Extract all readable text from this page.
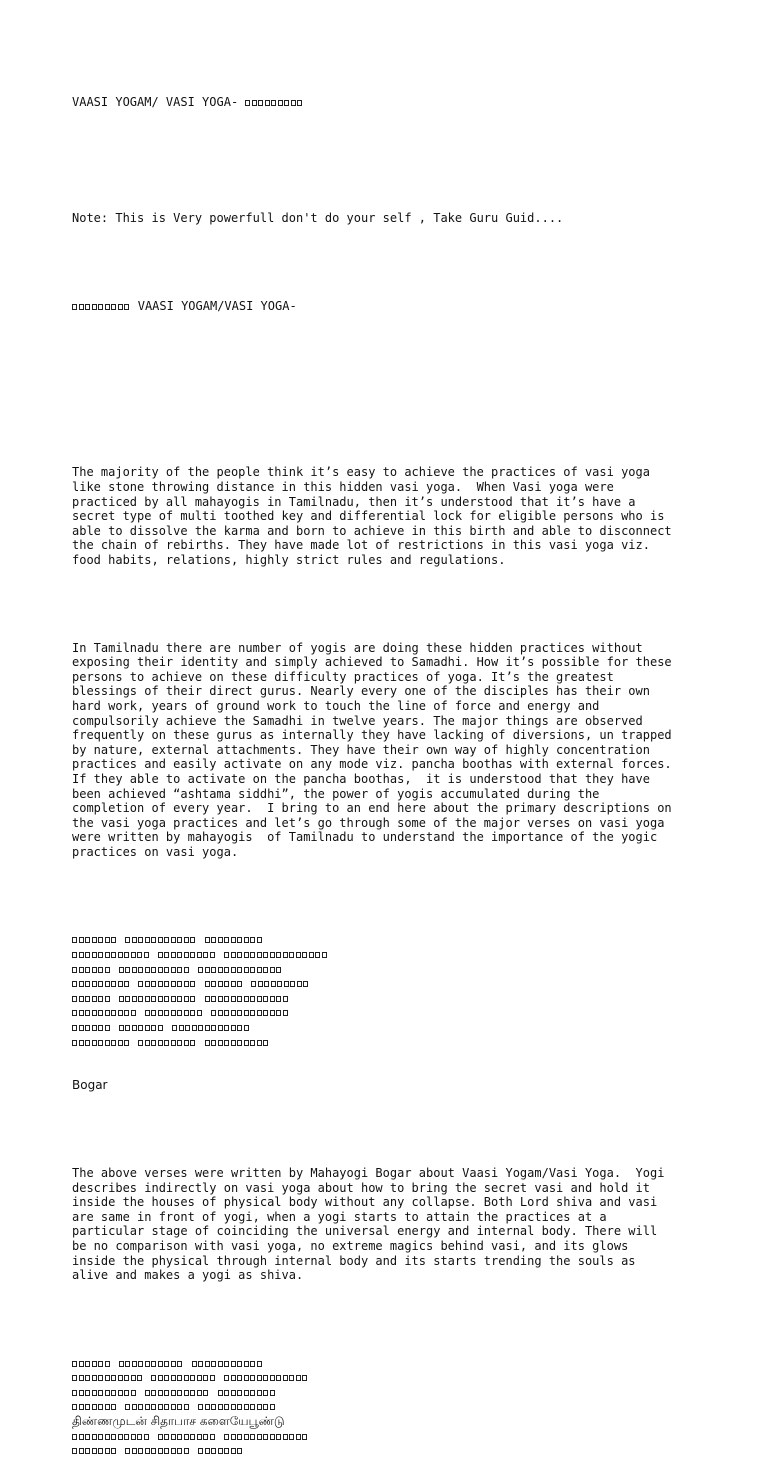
VAASI YOGAM/ VASI YOGA-

Note: This is Very powerfull don't do your self , Take Guru Guid....

VAASI YOGAM/VASI YOGA-

The majority of the people think it’s easy to achieve the practices of vasi yoga
like stone throwing distance in this hidden vasi yoga.  When Vasi yoga were
practiced by all mahayogis in Tamilnadu, then it’s understood that it’s have a
secret type of multi toothed key and differential lock for eligible persons who is
able to dissolve the karma and born to achieve in this birth and able to disconnect
the chain of rebirths. They have made lot of restrictions in this vasi yoga viz.
food habits, relations, highly strict rules and regulations.

In Tamilnadu there are number of yogis are doing these hidden practices without
exposing their identity and simply achieved to Samadhi. How it’s possible for these
persons to achieve on these difficulty practices of yoga. It’s the greatest
blessings of their direct gurus. Nearly every one of the disciples has their own
hard work, years of ground work to touch the line of force and energy and
compulsorily achieve the Samadhi in twelve years. The major things are observed
frequently on these gurus as internally they have lacking of diversions, un trapped
by nature, external attachments. They have their own way of highly concentration
practices and easily activate on any mode viz. pancha boothas with external forces.
If they able to activate on the pancha boothas,  it is understood that they have
been achieved “ashtama siddhi”, the power of yogis accumulated during the
completion of every year.  I bring to an end here about the primary descriptions on
the vasi yoga practices and let’s go through some of the major verses on vasi yoga
were written by mahayogis  of Tamilnadu to understand the importance of the yogic
practices on vasi yoga.

Bogar

The above verses were written by Mahayogi Bogar about Vaasi Yogam/Vasi Yoga.  Yogi
describes indirectly on vasi yoga about how to bring the secret vasi and hold it
inside the houses of physical body without any collapse. Both Lord shiva and vasi
are same in front of yogi, when a yogi starts to attain the practices at a
particular stage of coinciding the universal energy and internal body. There will
be no comparison with vasi yoga, no extreme magics behind vasi, and its glows
inside the physical through internal body and its starts trending the souls as
alive and makes a yogi as shiva.

திண்ணமுடன் சிதாபாச களையேபூண்டு
